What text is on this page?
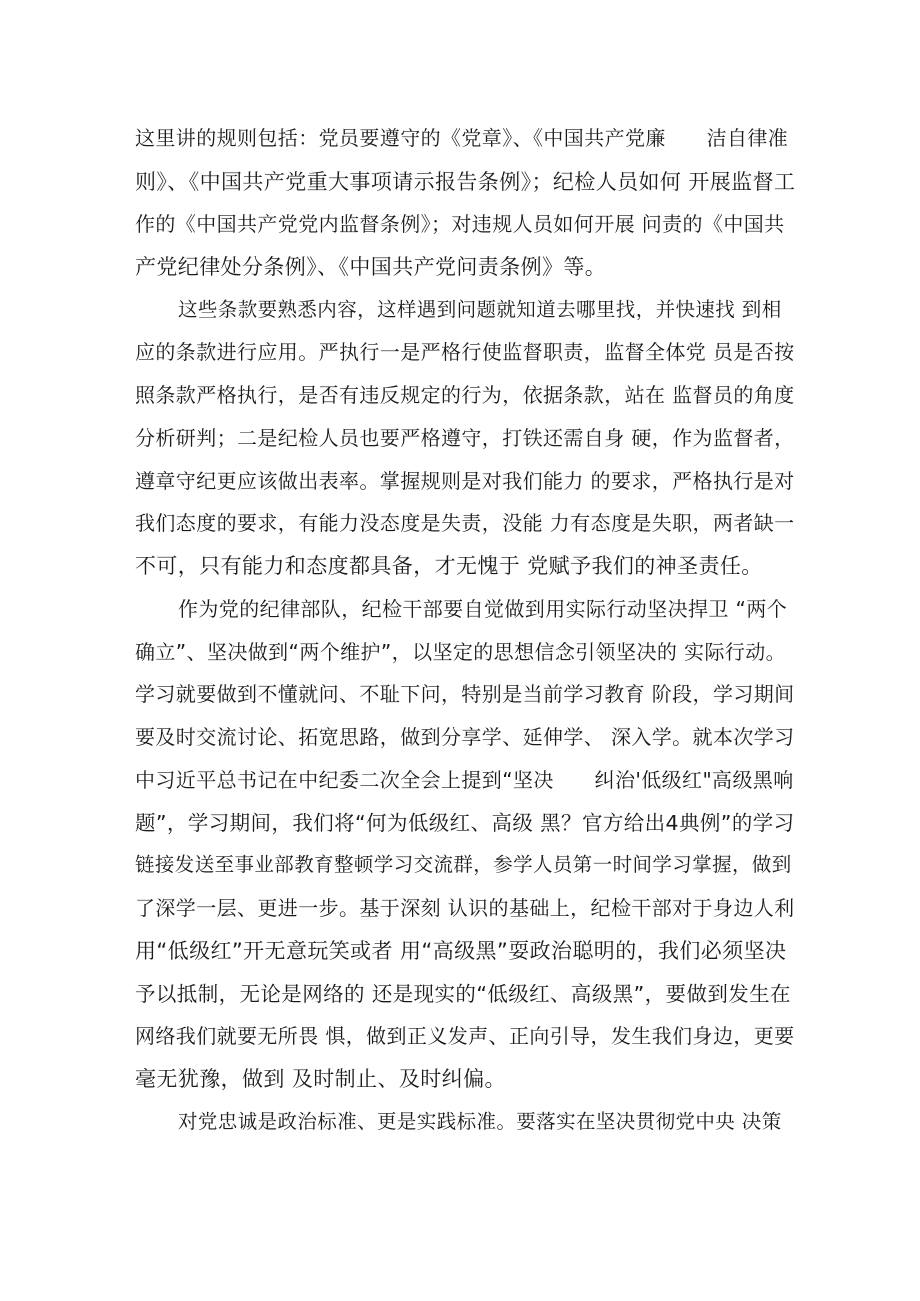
这里讲的规则包括：党员要遵守的《党章》、《中国共产党廉　　洁自律准
则》、《中国共产党重大事项请示报告条例》；纪检人员如何 开展监督工
作的《中国共产党党内监督条例》；对违规人员如何开展 问责的《中国共
产党纪律处分条例》、《中国共产党问责条例》等。
这些条款要熟悉内容，这样遇到问题就知道去哪里找，并快速找 到相
应的条款进行应用。严执行一是严格行使监督职责，监督全体党 员是否按
照条款严格执行，是否有违反规定的行为，依据条款，站在 监督员的角度
分析研判；二是纪检人员也要严格遵守，打铁还需自身 硬，作为监督者，
遵章守纪更应该做出表率。掌握规则是对我们能力 的要求，严格执行是对
我们态度的要求，有能力没态度是失责，没能 力有态度是失职，两者缺一
不可，只有能力和态度都具备，才无愧于 党赋予我们的神圣责任。
作为党的纪律部队，纪检干部要自觉做到用实际行动坚决捍卫 “两个
确立”、坚决做到“两个维护”，以坚定的思想信念引领坚决的 实际行动。
学习就要做到不懂就问、不耻下问，特别是当前学习教育 阶段，学习期间
要及时交流讨论、拓宽思路，做到分享学、延伸学、 深入学。就本次学习
中习近平总书记在中纪委二次全会上提到“坚决　　纠治'低级红"高级黑响
题”，学习期间，我们将“何为低级红、高级 黑？官方给出4典例”的学习
链接发送至事业部教育整顿学习交流群，参学人员第一时间学习掌握，做到
了深学一层、更进一步。基于深刻 认识的基础上，纪检干部对于身边人利
用“低级红”开无意玩笑或者 用“高级黑”耍政治聪明的，我们必须坚决
予以抵制，无论是网络的 还是现实的“低级红、高级黑”，要做到发生在
网络我们就要无所畏 惧，做到正义发声、正向引导，发生我们身边，更要
毫无犹豫，做到 及时制止、及时纠偏。
对党忠诚是政治标准、更是实践标准。要落实在坚决贯彻党中央 决策
